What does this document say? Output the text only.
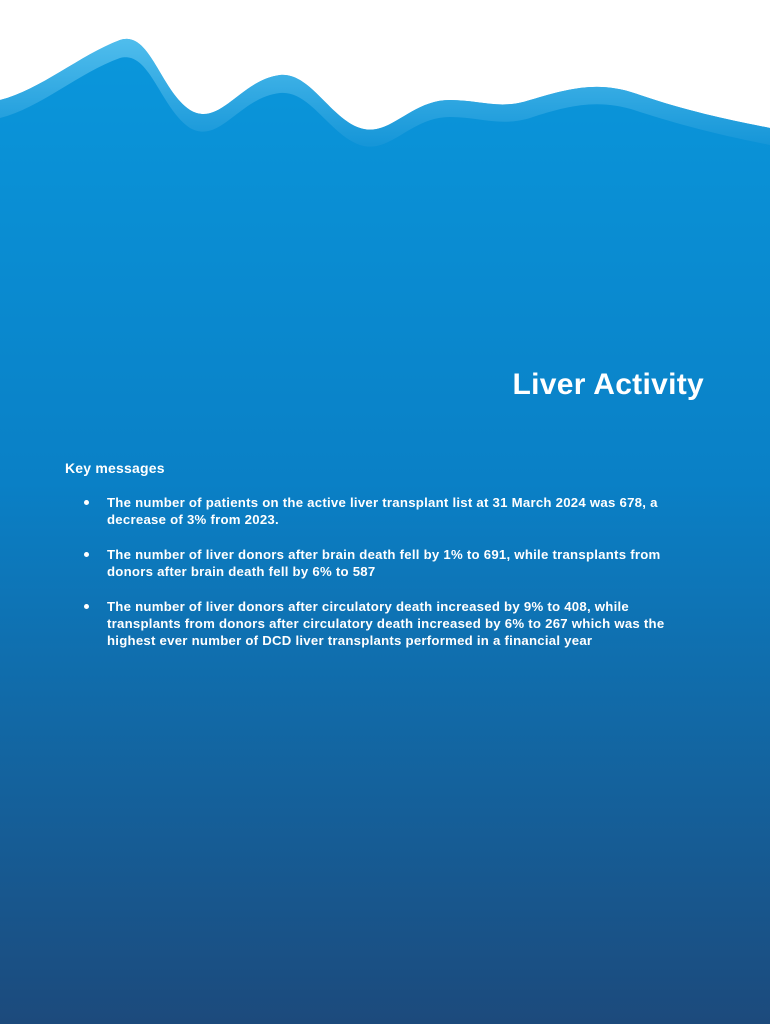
Liver Activity
Key messages
The number of patients on the active liver transplant list at 31 March 2024 was 678, a decrease of 3% from 2023.
The number of liver donors after brain death fell by 1% to 691, while transplants from donors after brain death fell by 6% to 587
The number of liver donors after circulatory death increased by 9% to 408, while transplants from donors after circulatory death increased by 6% to 267 which was the highest ever number of DCD liver transplants performed in a financial year
